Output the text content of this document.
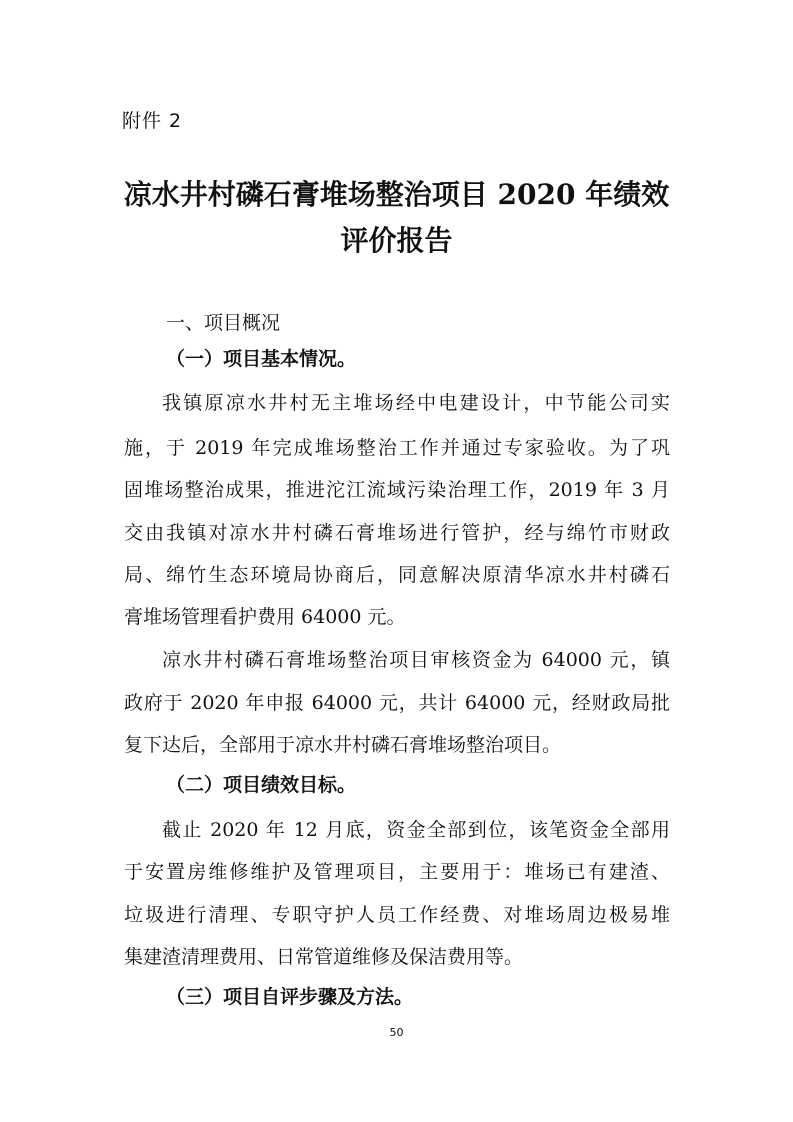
附件 2
凉水井村磷石膏堆场整治项目 2020 年绩效
评价报告
一、项目概况
（一）项目基本情况。
我镇原凉水井村无主堆场经中电建设计，中节能公司实
施，于 2019 年完成堆场整治工作并通过专家验收。为了巩
固堆场整治成果，推进沱江流域污染治理工作，2019 年 3 月
交由我镇对凉水井村磷石膏堆场进行管护，经与绵竹市财政
局、绵竹生态环境局协商后，同意解决原清华凉水井村磷石
膏堆场管理看护费用 64000 元。
凉水井村磷石膏堆场整治项目审核资金为 64000 元，镇
政府于 2020 年申报 64000 元，共计 64000 元，经财政局批
复下达后，全部用于凉水井村磷石膏堆场整治项目。
（二）项目绩效目标。
截止 2020 年 12 月底，资金全部到位，该笔资金全部用
于安置房维修维护及管理项目，主要用于：堆场已有建渣、
垃圾进行清理、专职守护人员工作经费、对堆场周边极易堆
集建渣清理费用、日常管道维修及保洁费用等。
（三）项目自评步骤及方法。
50
